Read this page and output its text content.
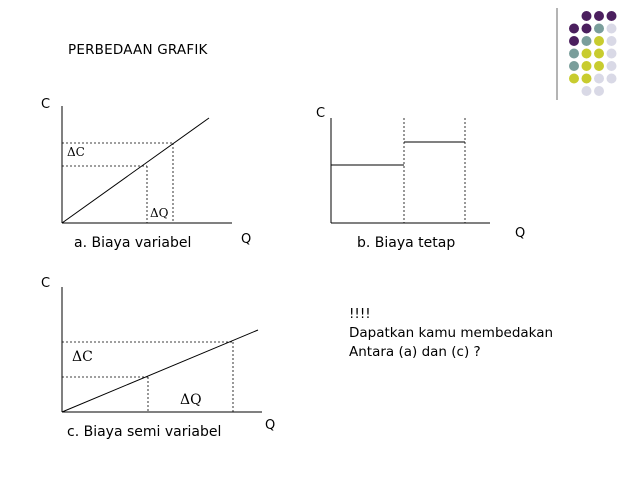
PERBEDAAN GRAFIK
C
Q
ΔC
ΔQ
a. Biaya variabel
C
Q
b. Biaya tetap
C
Q
ΔC
ΔQ
c. Biaya semi variabel
!!!!
Dapatkan kamu membedakan
Antara (a) dan (c) ?
